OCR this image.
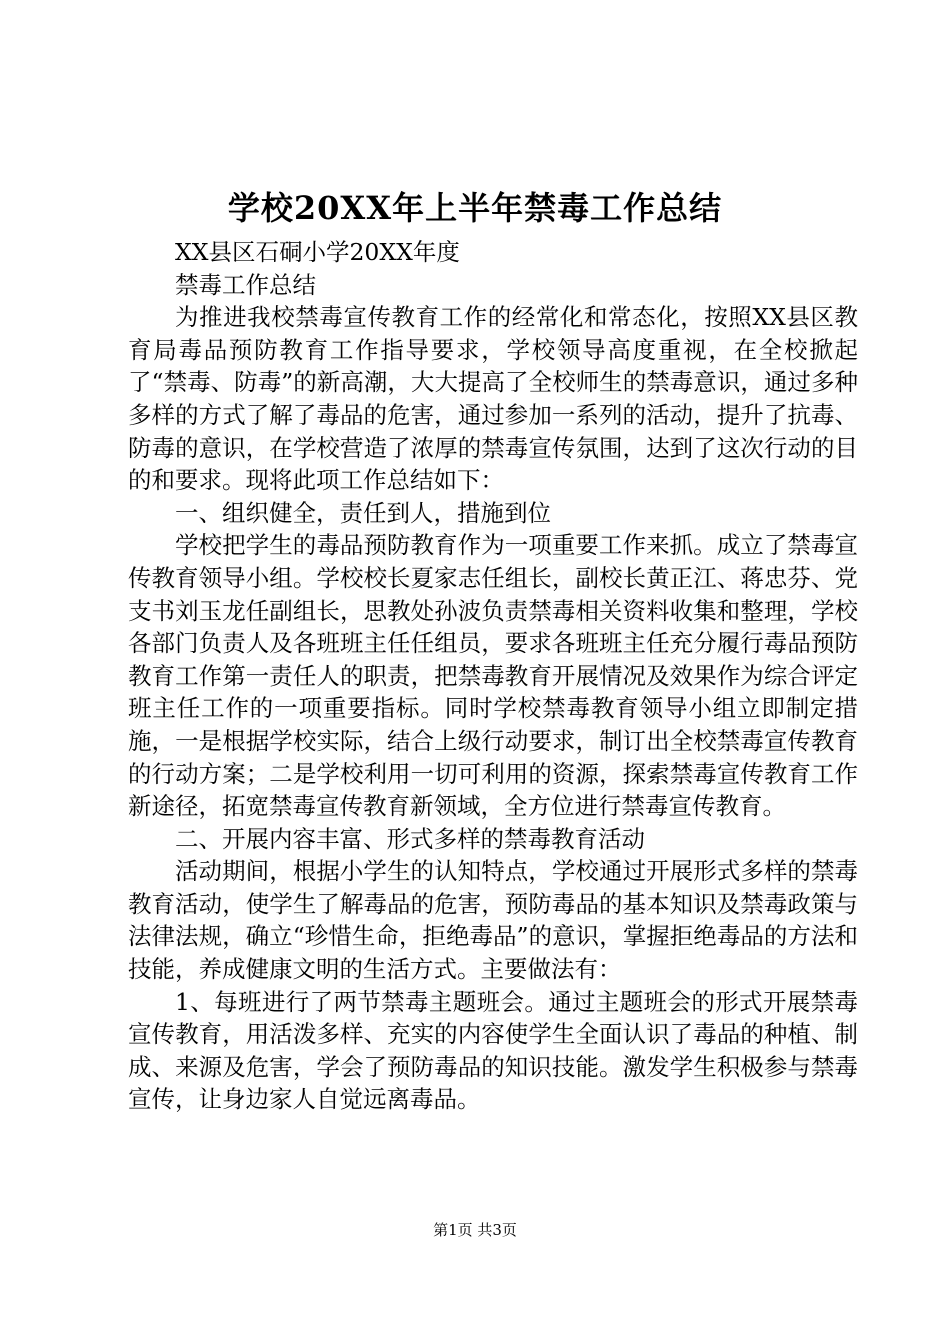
学校20XX年上半年禁毒工作总结

XX县区石硐小学20XX年度

禁毒工作总结

为推进我校禁毒宣传教育工作的经常化和常态化，按照XX县区教育局毒品预防教育工作指导要求，学校领导高度重视，在全校掀起了“禁毒、防毒”的新高潮，大大提高了全校师生的禁毒意识，通过多种多样的方式了解了毒品的危害，通过参加一系列的活动，提升了抗毒、防毒的意识，在学校营造了浓厚的禁毒宣传氛围，达到了这次行动的目的和要求。现将此项工作总结如下：

一、组织健全，责任到人，措施到位

学校把学生的毒品预防教育作为一项重要工作来抓。成立了禁毒宣传教育领导小组。学校校长夏家志任组长，副校长黄正江、蒋忠芬、党支书刘玉龙任副组长，思教处孙波负责禁毒相关资料收集和整理，学校各部门负责人及各班班主任任组员，要求各班班主任充分履行毒品预防教育工作第一责任人的职责，把禁毒教育开展情况及效果作为综合评定班主任工作的一项重要指标。同时学校禁毒教育领导小组立即制定措施，一是根据学校实际，结合上级行动要求，制订出全校禁毒宣传教育的行动方案；二是学校利用一切可利用的资源，探索禁毒宣传教育工作新途径，拓宽禁毒宣传教育新领域，全方位进行禁毒宣传教育。

二、开展内容丰富、形式多样的禁毒教育活动

活动期间，根据小学生的认知特点，学校通过开展形式多样的禁毒教育活动，使学生了解毒品的危害，预防毒品的基本知识及禁毒政策与法律法规，确立“珍惜生命，拒绝毒品”的意识，掌握拒绝毒品的方法和技能，养成健康文明的生活方式。主要做法有：

1、每班进行了两节禁毒主题班会。通过主题班会的形式开展禁毒宣传教育，用活泼多样、充实的内容使学生全面认识了毒品的种植、制成、来源及危害，学会了预防毒品的知识技能。激发学生积极参与禁毒宣传，让身边家人自觉远离毒品。

第1页 共3页
